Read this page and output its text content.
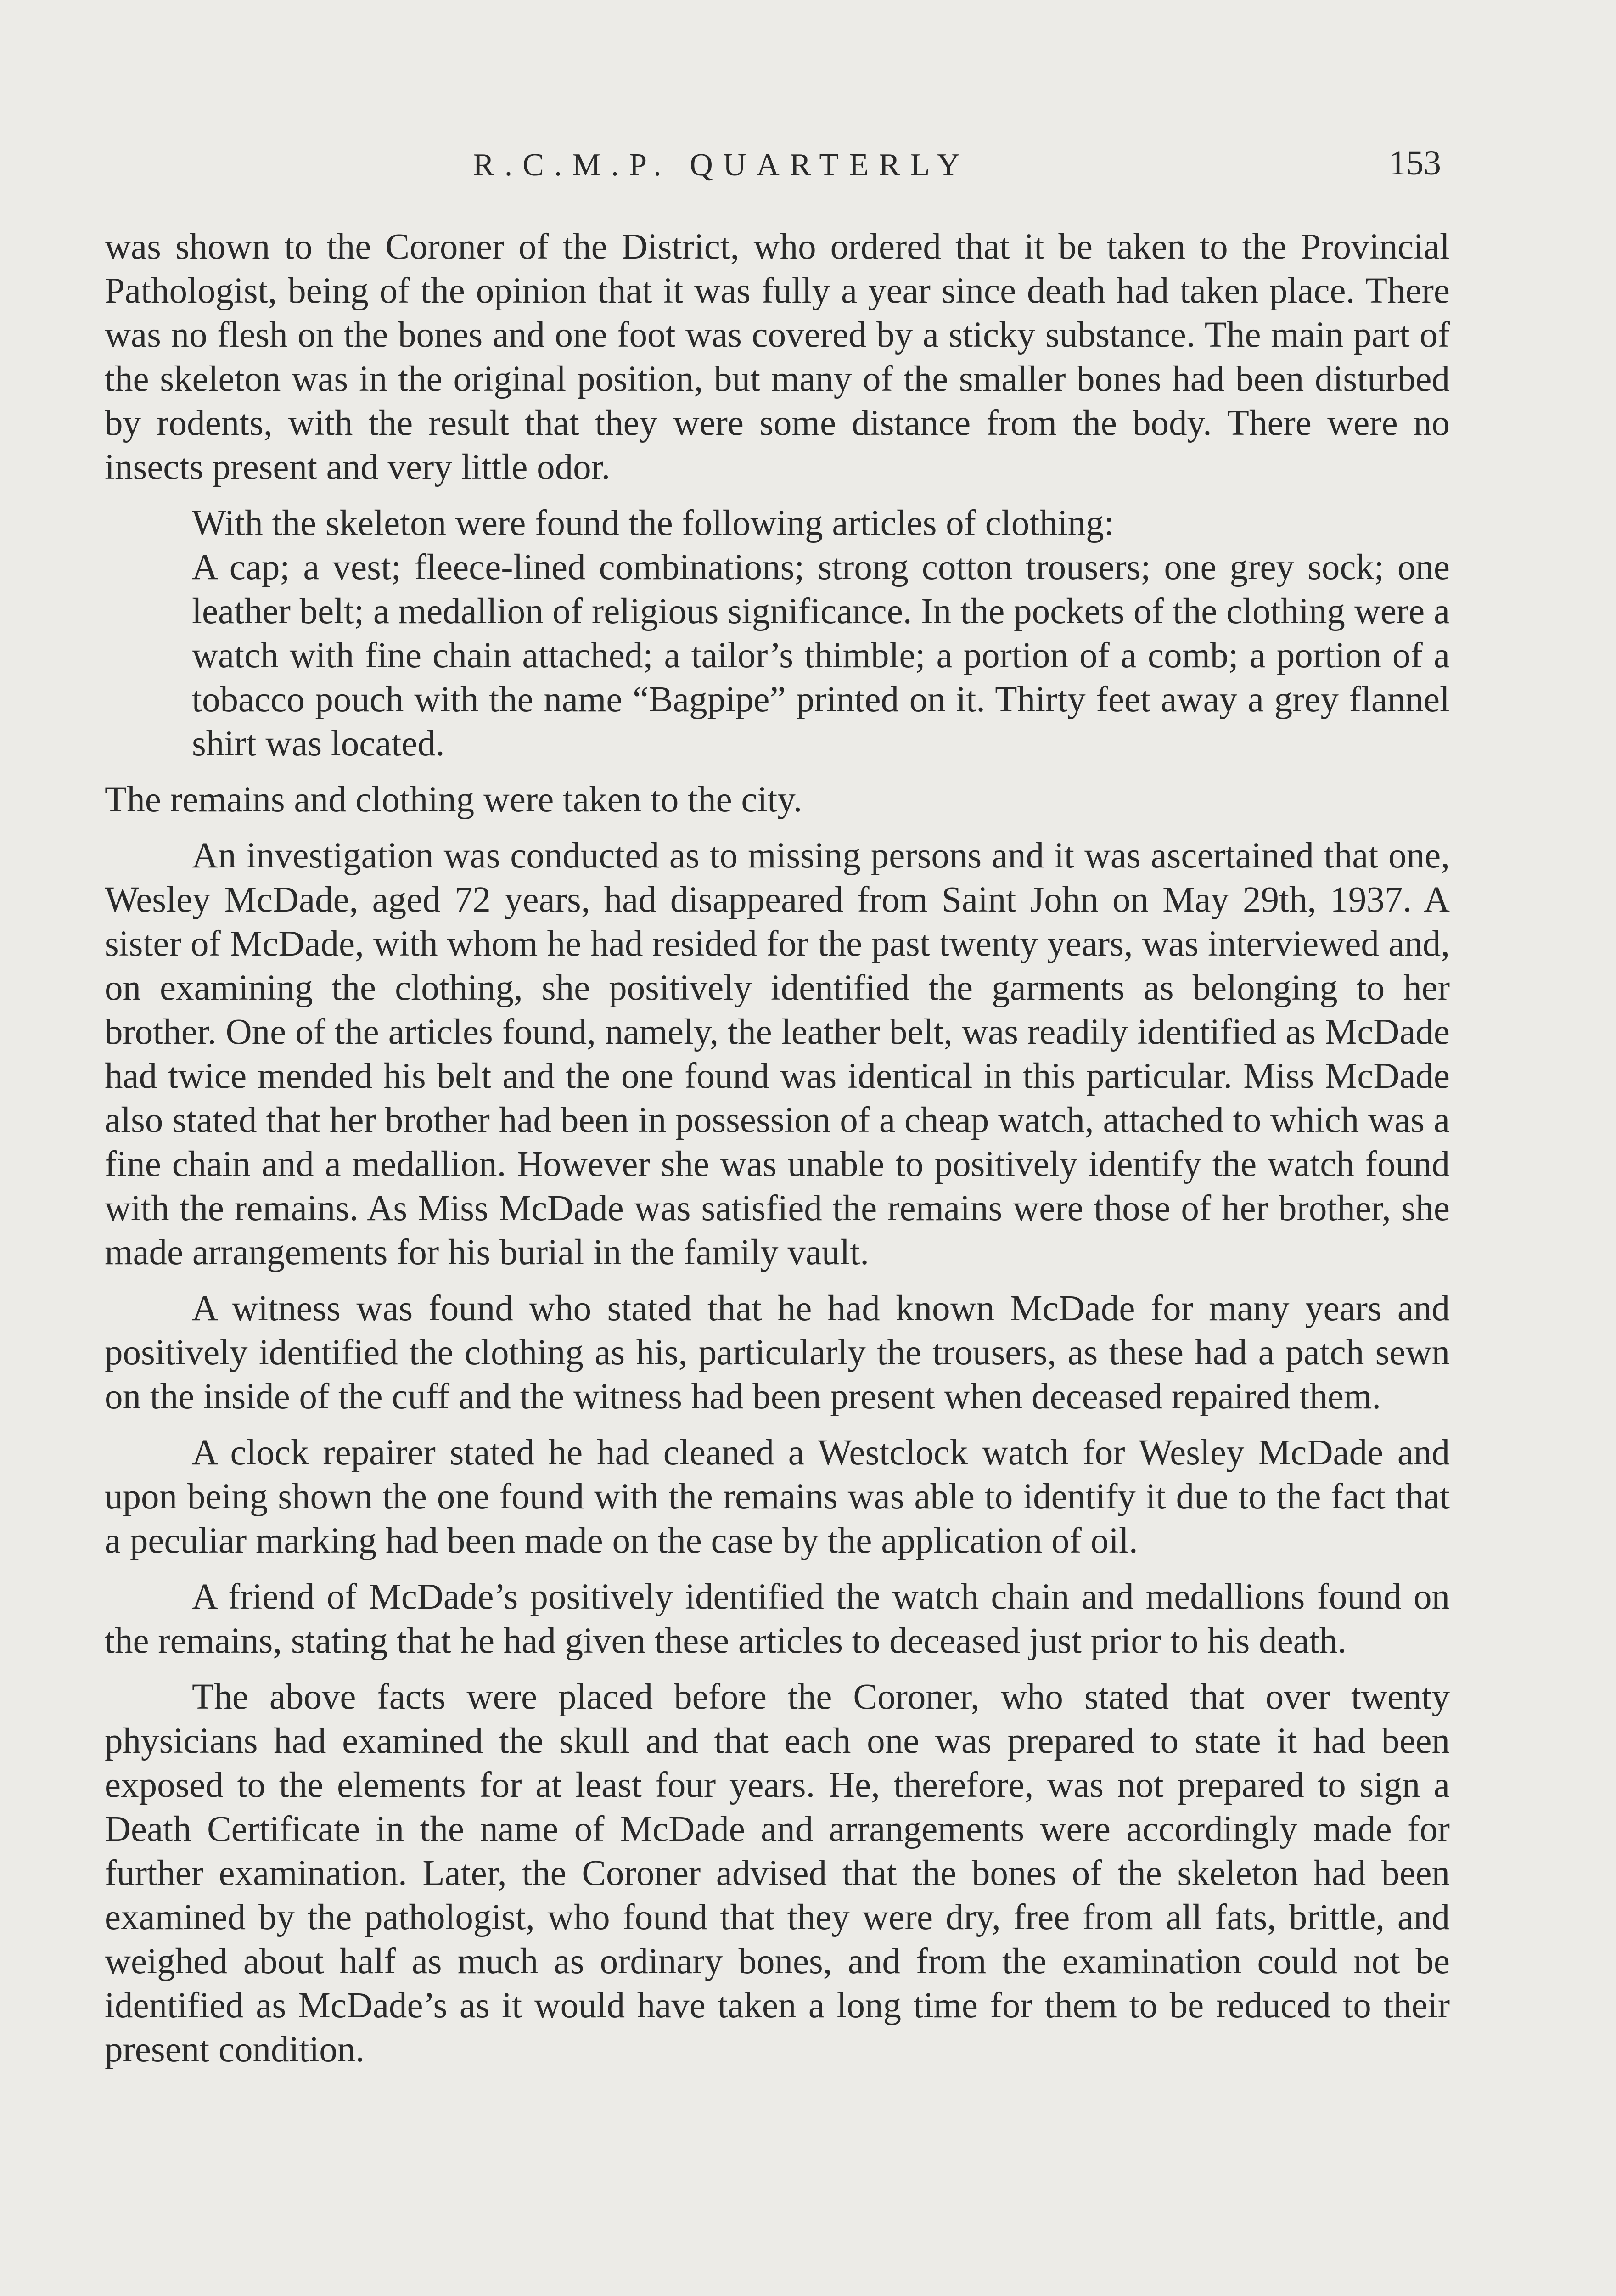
R.C.M.P. QUARTERLY	153

was shown to the Coroner of the District, who ordered that it be taken to the Provincial Pathologist, being of the opinion that it was fully a year since death had taken place. There was no flesh on the bones and one foot was covered by a sticky substance. The main part of the skeleton was in the original position, but many of the smaller bones had been disturbed by rodents, with the result that they were some distance from the body. There were no insects present and very little odor.

With the skeleton were found the following articles of clothing:

A cap; a vest; fleece-lined combinations; strong cotton trousers; one grey sock; one leather belt; a medallion of religious significance. In the pockets of the clothing were a watch with fine chain attached; a tailor’s thimble; a portion of a comb; a portion of a tobacco pouch with the name “Bagpipe” printed on it. Thirty feet away a grey flannel shirt was located.

The remains and clothing were taken to the city.

An investigation was conducted as to missing persons and it was ascertained that one, Wesley McDade, aged 72 years, had disappeared from Saint John on May 29th, 1937. A sister of McDade, with whom he had resided for the past twenty years, was interviewed and, on examining the clothing, she positively identified the garments as belonging to her brother. One of the articles found, namely, the leather belt, was readily identified as McDade had twice mended his belt and the one found was identical in this particular. Miss McDade also stated that her brother had been in possession of a cheap watch, attached to which was a fine chain and a medallion. However she was unable to positively identify the watch found with the remains. As Miss McDade was satisfied the remains were those of her brother, she made arrangements for his burial in the family vault.

A witness was found who stated that he had known McDade for many years and positively identified the clothing as his, particularly the trousers, as these had a patch sewn on the inside of the cuff and the witness had been present when deceased repaired them.

A clock repairer stated he had cleaned a Westclock watch for Wesley McDade and upon being shown the one found with the remains was able to identify it due to the fact that a peculiar marking had been made on the case by the application of oil.

A friend of McDade’s positively identified the watch chain and medallions found on the remains, stating that he had given these articles to deceased just prior to his death.

The above facts were placed before the Coroner, who stated that over twenty physicians had examined the skull and that each one was prepared to state it had been exposed to the elements for at least four years. He, therefore, was not prepared to sign a Death Certificate in the name of McDade and arrangements were accordingly made for further examination. Later, the Coroner advised that the bones of the skeleton had been examined by the pathologist, who found that they were dry, free from all fats, brittle, and weighed about half as much as ordinary bones, and from the examination could not be identified as McDade’s as it would have taken a long time for them to be reduced to their present condition.
